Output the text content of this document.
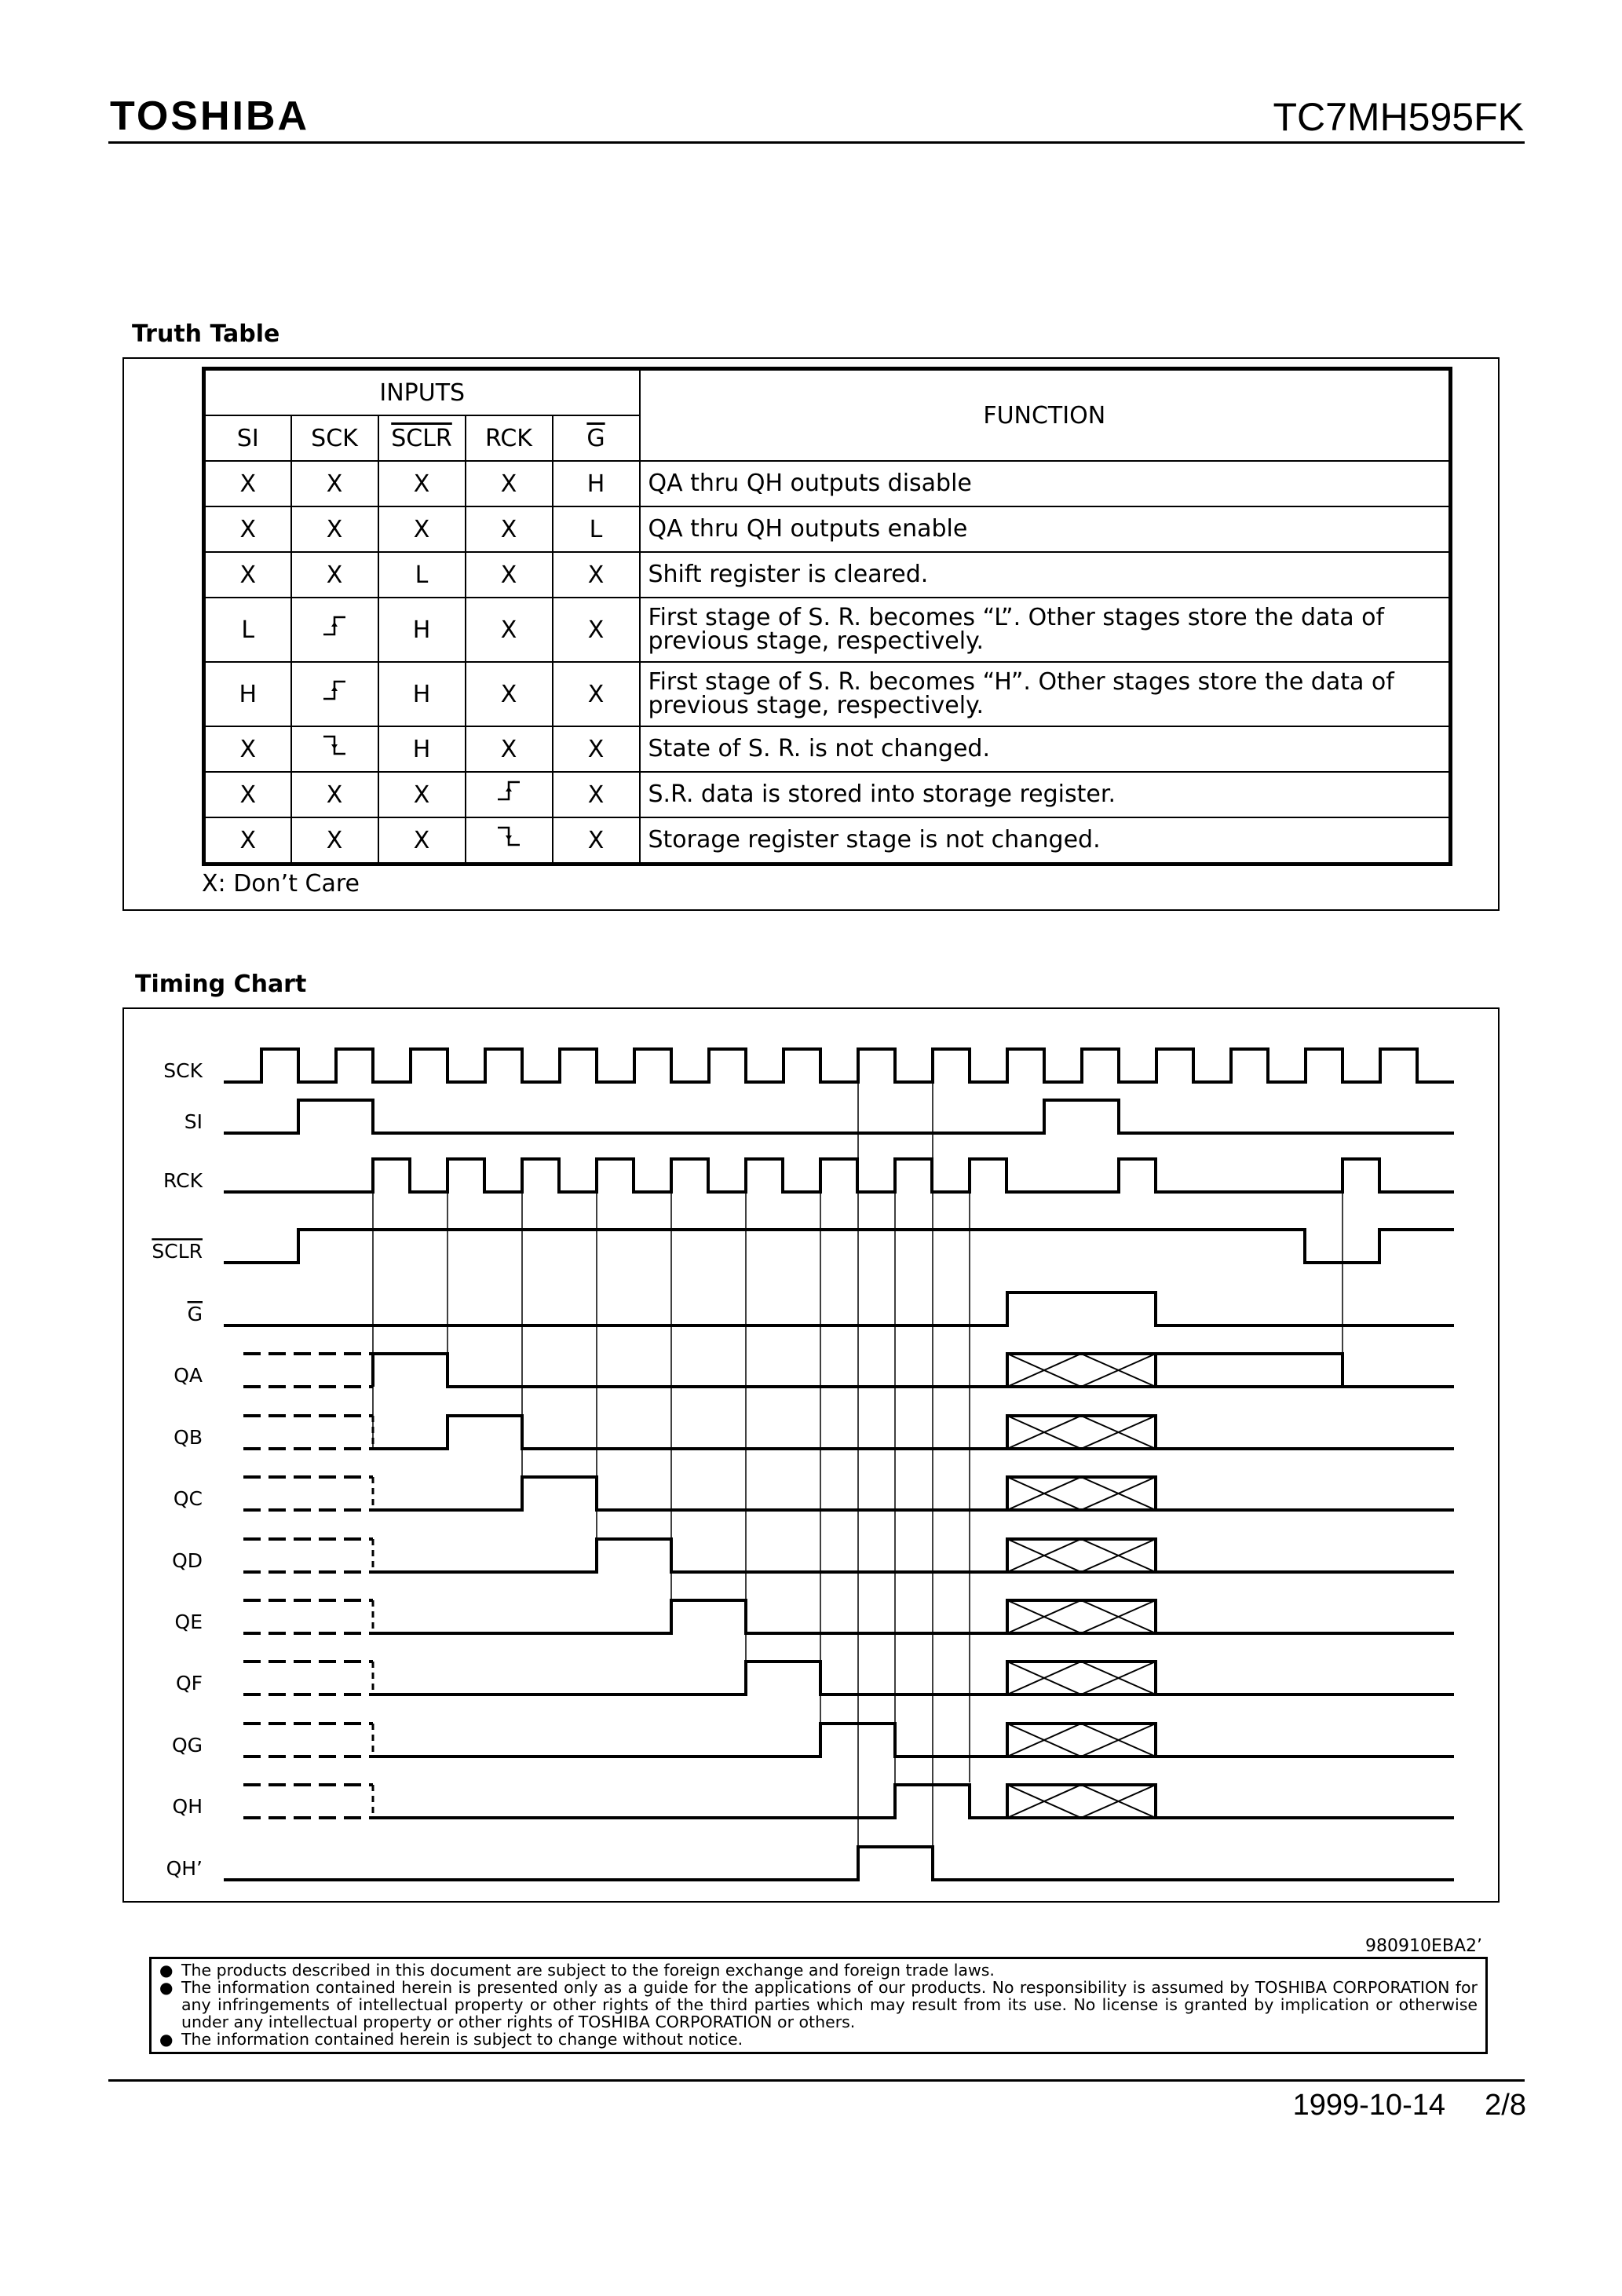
TOSHIBA	TC7MH595FK
Truth Table
INPUTS					FUNCTION
SI	SCK	SCLR	RCK	$\overline{G}$
X	X	X	X	H	QA thru QH outputs disable
X	X	X	X	L	QA thru QH outputs enable
X	X	L	X	X	Shift register is cleared.
L		H	X	X	First stage of S. R. becomes “L”. Other stages store the data of previous stage, respectively.
H		H	X	X	First stage of S. R. becomes “H”. Other stages store the data of previous stage, respectively.
X		H	X	X	State of S. R. is not changed.
X	X	X		X	S.R. data is stored into storage register.
X	X	X		X	Storage register stage is not changed.
X: Don’t Care
Timing Chart
SCK
SI
RCK
SCLR
G
QA
QB
QC
QD
QE
QF
QG
QH
QH’
980910EBA2’
● The products described in this document are subject to the foreign exchange and foreign trade laws.
● The information contained herein is presented only as a guide for the applications of our products. No responsibility is assumed by TOSHIBA CORPORATION for any infringements of intellectual property or other rights of the third parties which may result from its use. No license is granted by implication or otherwise under any intellectual property or other rights of TOSHIBA CORPORATION or others.
● The information contained herein is subject to change without notice.
1999-10-14 2/8
